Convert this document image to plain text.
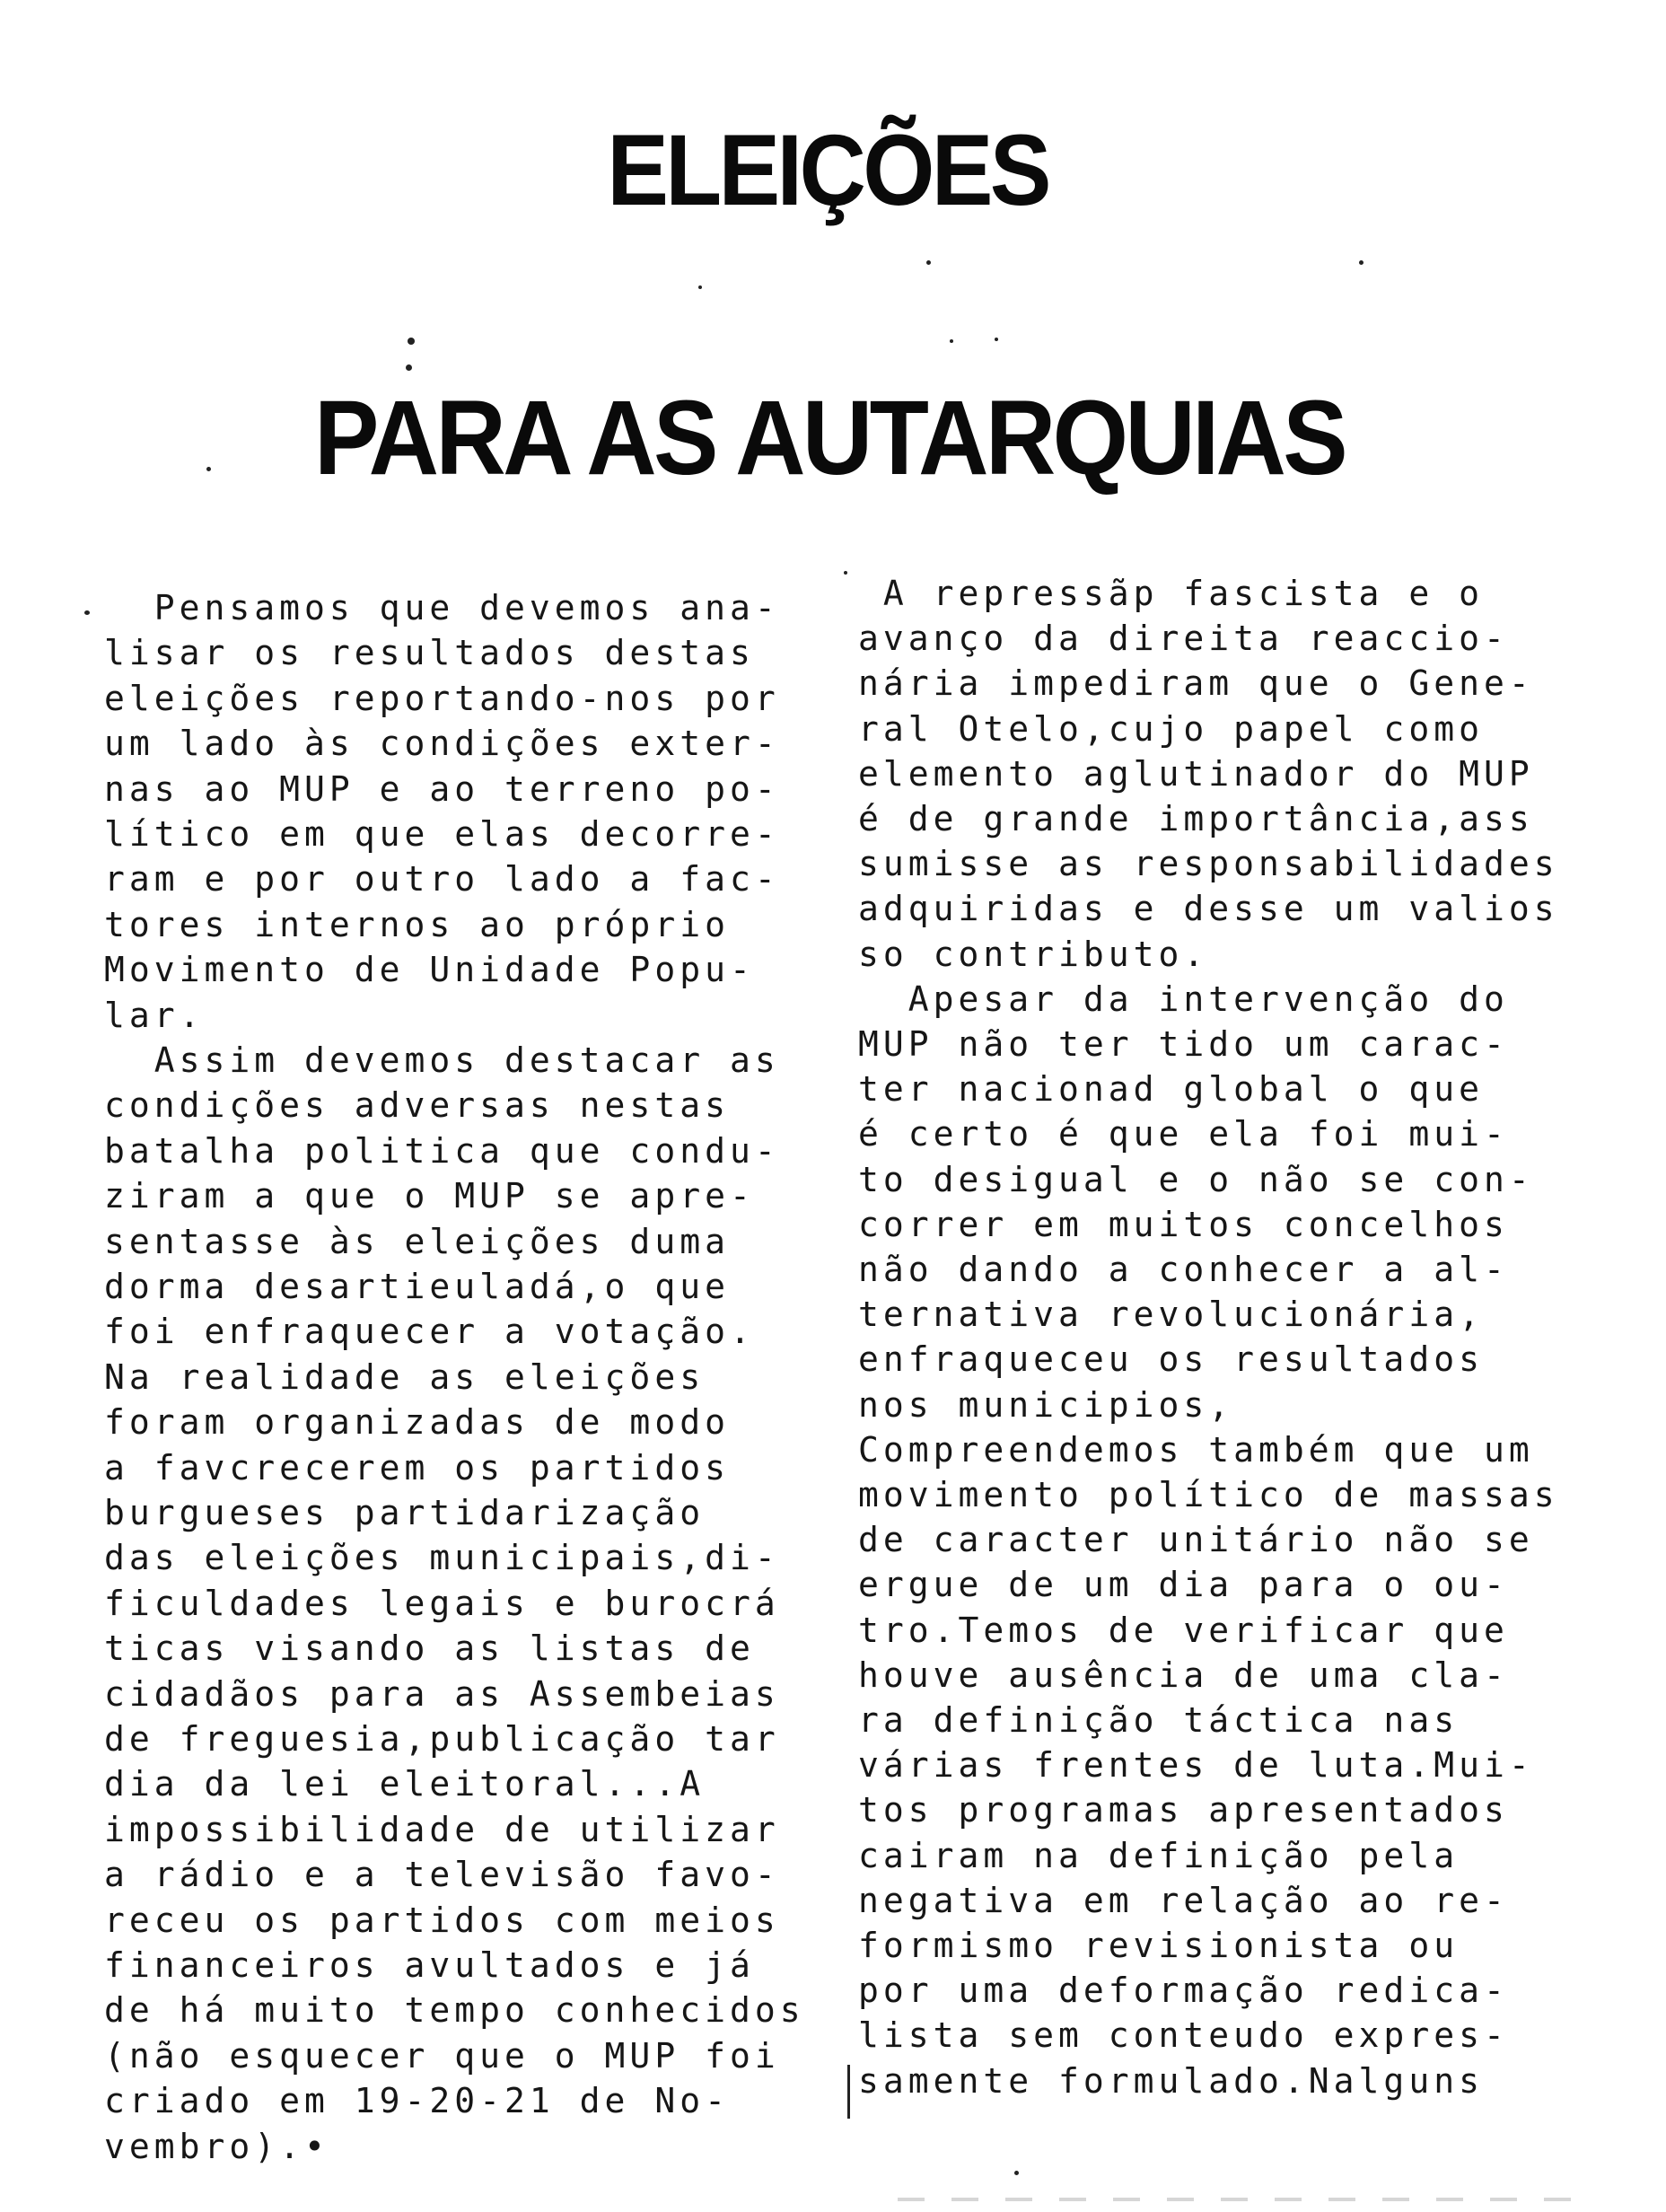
ELEIÇÕES
PARA AS AUTARQUIAS
Pensamos que devemos ana-
lisar os resultados destas
eleições reportando-nos por
um lado às condições exter-
nas ao MUP e ao terreno po-
lítico em que elas decorre-
ram e por outro lado a fac-
tores internos ao próprio
Movimento de Unidade Popu-
lar.
Assim devemos destacar as
condições adversas nestas
batalha politica que condu-
ziram a que o MUP se apre-
sentasse às eleições duma
dorma desartieuladá,o que
foi enfraquecer a votação.
Na realidade as eleições
foram organizadas de modo
a favcrecerem os partidos
burgueses partidarização
das eleições municipais,di-
ficuldades legais e burocrá
ticas visando as listas de
cidadãos para as Assembeias
de freguesia,publicação tar
dia da lei eleitoral...A
impossibilidade de utilizar
a rádio e a televisão favo-
receu os partidos com meios
financeiros avultados e já
de há muito tempo conhecidos
(não esquecer que o MUP foi
criado em 19-20-21 de No-
vembro).•
A repressãp fascista e o
avanço da direita reaccio-
nária impediram que o Gene-
ral Otelo,cujo papel como
elemento aglutinador do MUP
é de grande importância,ass
sumisse as responsabilidades
adquiridas e desse um valios
so contributo.
Apesar da intervenção do
MUP não ter tido um carac-
ter nacionad global o que
é certo é que ela foi mui-
to desigual e o não se con-
correr em muitos concelhos
não dando a conhecer a al-
ternativa revolucionária,
enfraqueceu os resultados
nos municipios,
Compreendemos também que um
movimento político de massas
de caracter unitário não se
ergue de um dia para o ou-
tro.Temos de verificar que
houve ausência de uma cla-
ra definição táctica nas
várias frentes de luta.Mui-
tos programas apresentados
cairam na definição pela
negativa em relação ao re-
formismo revisionista ou
por uma deformação redica-
lista sem conteudo expres-
samente formulado.Nalguns
